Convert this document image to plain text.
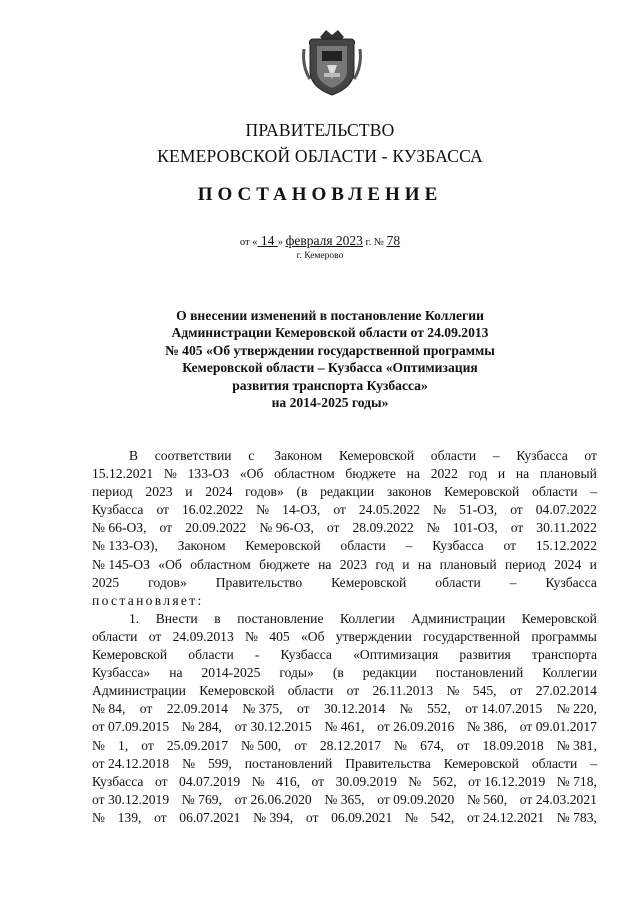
ПРАВИТЕЛЬСТВО
КЕМЕРОВСКОЙ ОБЛАСТИ - КУЗБАССА
ПОСТАНОВЛЕНИЕ
от « 14 » февраля 2023 г. № 78
г. Кемерово
О внесении изменений в постановление Коллегии
Администрации Кемеровской области от 24.09.2013
№ 405 «Об утверждении государственной программы
Кемеровской области – Кузбасса «Оптимизация
развития транспорта Кузбасса»
на 2014-2025 годы»
В соответствии с Законом Кемеровской области – Кузбасса от
15.12.2021 № 133-ОЗ «Об областном бюджете на 2022 год и на плановый
период 2023 и 2024 годов» (в редакции законов Кемеровской области –
Кузбасса от 16.02.2022 № 14-ОЗ, от 24.05.2022 № 51-ОЗ, от 04.07.2022
№ 66-ОЗ, от 20.09.2022 № 96-ОЗ, от 28.09.2022 № 101-ОЗ, от 30.11.2022
№ 133-ОЗ), Законом Кемеровской области – Кузбасса от 15.12.2022
№ 145-ОЗ «Об областном бюджете на 2023 год и на плановый период 2024 и
2025 годов» Правительство Кемеровской области – Кузбасса
постановляет:
1. Внести в постановление Коллегии Администрации Кемеровской
области от 24.09.2013 № 405 «Об утверждении государственной программы
Кемеровской области - Кузбасса «Оптимизация развития транспорта
Кузбасса» на 2014-2025 годы» (в редакции постановлений Коллегии
Администрации Кемеровской области от 26.11.2013 № 545, от 27.02.2014
№ 84, от 22.09.2014 № 375, от 30.12.2014 № 552, от 14.07.2015 № 220,
от 07.09.2015 № 284, от 30.12.2015 № 461, от 26.09.2016 № 386, от 09.01.2017
№ 1, от 25.09.2017 № 500, от 28.12.2017 № 674, от 18.09.2018 № 381,
от 24.12.2018 № 599, постановлений Правительства Кемеровской области –
Кузбасса от 04.07.2019 № 416, от 30.09.2019 № 562, от 16.12.2019 № 718,
от 30.12.2019 № 769, от 26.06.2020 № 365, от 09.09.2020 № 560, от 24.03.2021
№ 139, от 06.07.2021 № 394, от 06.09.2021 № 542, от 24.12.2021 № 783,
